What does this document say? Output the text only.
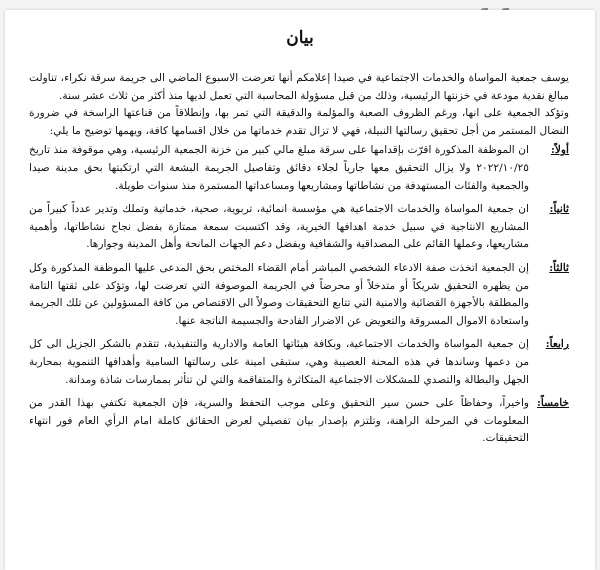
بيان

يوسف جمعية المواساة والخدمات الاجتماعية في صيدا إعلامكم أنها تعرضت الاسبوع الماضي الى جريمة سرقة نكراء، تناولت مبالغ نقدية مودعة في خزنتها الرئيسية، وذلك من قبل مسؤولة المحاسبة التي تعمل لديها منذ أكثر من ثلاث عشر سنة.

وتؤكد الجمعية على انها، ورغم الظروف الصعبة والمؤلمة والدقيقة التي تمر بها، وإنطلاقاً من قناعتها الراسخة في ضرورة النضال المستمر من أجل تحقيق رسالتها النبيلة، فهي لا تزال تقدم خدماتها من خلال اقسامها كافة، ويهمها توضيح ما يلي:

أولاً:
ان الموظفة المذكورة اقرّت بإقدامها على سرقة مبلغ مالي كبير من خزنة الجمعية الرئيسية، وهي موقوفة منذ تاريخ ٢٠٢٢/١٠/٢٥ ولا يزال التحقيق معها جارياً لجلاء دقائق وتفاصيل الجريمة البشعة التي ارتكبتها بحق مدينة صيدا والجمعية والفئات المستهدفة من نشاطاتها ومشاريعها ومساعداتها المستمرة منذ سنوات طويلة.
ثانياً:
ان جمعية المواساة والخدمات الاجتماعية هي مؤسسة انمائية، تربوية، صحية، خدماتية وتملك وتدير عدداً كبيراً من المشاريع الانتاجية في سبيل خدمة اهدافها الخيرية، وقد اكتسبت سمعة ممتازة بفضل نجاح نشاطاتها، وأهمية مشاريعها، وعملها القائم على المصداقية والشفافية وبفضل دعم الجهات المانحة وأهل المدينة وجوارها.
ثالثاً:
إن الجمعية اتخذت صفة الادعاء الشخصي المباشر أمام القضاء المختص بحق المدعى عليها الموظفة المذكورة وكل من يظهره التحقيق شريكاً أو متدخلاً أو محرضاً في الجريمة الموصوفة التي تعرضت لها، وتؤكد على ثقتها التامة والمطلقة بالأجهزة القضائية والامنية التي تتابع التحقيقات وصولاً الى الاقتصاص من كافة المسؤولين عن تلك الجريمة واستعادة الاموال المسروقة والتعويض عن الاضرار الفادحة والجسيمة الناتجة عنها.
رابعاً:
إن جمعية المواساة والخدمات الاجتماعية، وبكافة هيئاتها العامة والادارية والتنفيذية، تتقدم بالشكر الجزيل الى كل من دعمها وساندها في هذه المحنة العصيبة وهي، ستبقى امينة على رسالتها السامية وأهدافها التنموية بمحاربة الجهل والبطالة والتصدي للمشكلات الاجتماعية المتكاثرة والمتفاقمة والتي لن تتأثر بممارسات شاذة ومدانة.
خامساً:
واخيراً، وحفاظاً على حسن سير التحقيق وعلى موجب التحفظ والسرية، فإن الجمعية تكتفي بهذا القدر من المعلومات في المرحلة الراهنة، وتلتزم بإصدار بيان تفصيلي لعرض الحقائق كاملة امام الرأي العام فور انتهاء التحقيقات.
